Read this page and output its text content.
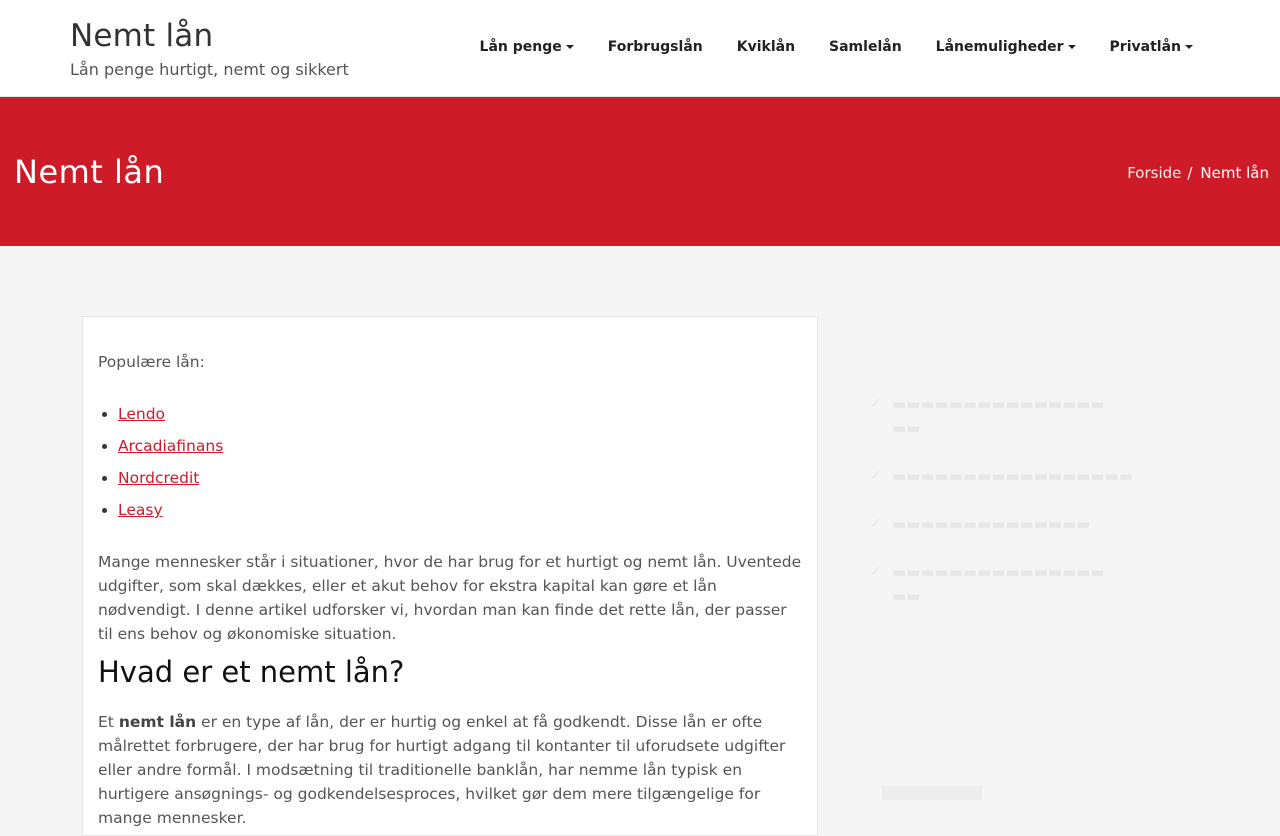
Nemt lån
Lån penge hurtigt, nemt og sikkert
Lån penge	Forbrugslån Kviklån Samlelån Lånemuligheder	Privatlån
Nemt lån	Forside / Nemt lån

Populære lån:

• Lendo
• Arcadiafinans
• Nordcredit
• Leasy

Mange mennesker står i situationer, hvor de har brug for et hurtigt og nemt lån. Uventede udgifter, som skal dækkes, eller et akut behov for ekstra kapital kan gøre et lån nødvendigt. I denne artikel udforsker vi, hvordan man kan finde det rette lån, der passer til ens behov og økonomiske situation.

Hvad er et nemt lån?

Et nemt lån er en type af lån, der er hurtig og enkel at få godkendt. Disse lån er ofte målrettet forbrugere, der har brug for hurtigt adgang til kontanter til uforudsete udgifter eller andre formål. I modsætning til traditionelle banklån, har nemme lån typisk en hurtigere ansøgnings- og godkendelsesproces, hvilket gør dem mere tilgængelige for mange mennesker.

✓ ▬▬▬▬▬▬▬▬▬▬▬▬▬▬▬
▬▬
✓ ▬▬▬▬▬▬▬▬▬▬▬▬▬▬▬▬▬
✓ ▬▬▬▬▬▬▬▬▬▬▬▬▬▬
✓ ▬▬▬▬▬▬▬▬▬▬▬▬▬▬▬
▬▬
